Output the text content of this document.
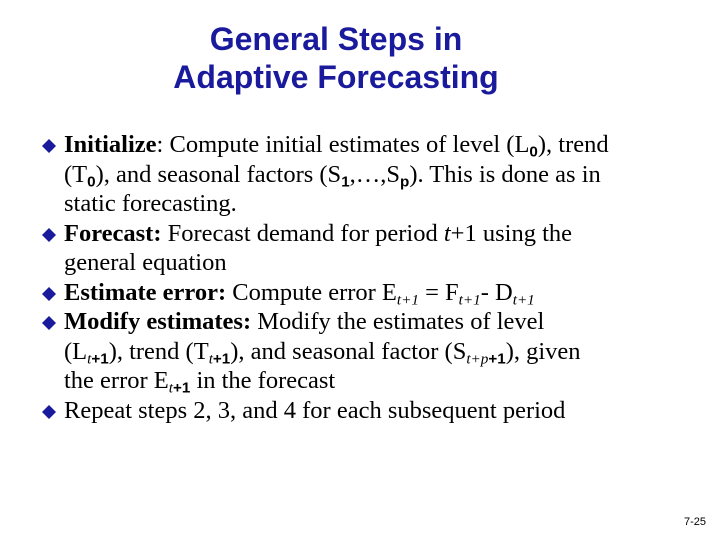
General Steps in
Adaptive Forecasting
Initialize: Compute initial estimates of level $(L_0)$, trend
$(T_0)$, and seasonal factors $(S_1,\dots,S_p)$. This is done as in
static forecasting.
Forecast: Forecast demand for period t+1 using the
general equation
Estimate error: Compute error $E_{t+1} = F_{t+1}-$ $D_{t+1}$
Modify estimates: Modify the estimates of level
$(L_{t+1})$, trend $(T_{t+1})$, and seasonal factor $(S_{t+p+1})$, given
the error $E_{t+1}$ in the forecast
Repeat steps 2, 3, and 4 for each subsequent period
7-25
